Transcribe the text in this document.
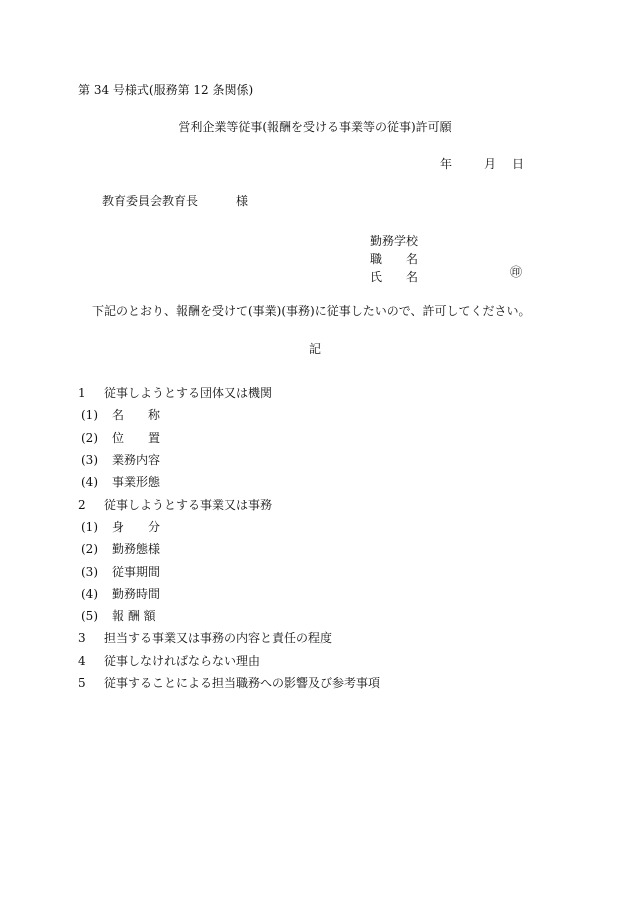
第 34 号様式(服務第 12 条関係)
営利企業等従事(報酬を受ける事業等の従事)許可願
年	月 日
教育委員会教育長	様
勤務学校
職　　名
氏　　名	㊞
下記のとおり、報酬を受けて(事業)(事務)に従事したいので、許可してください。
記
1	従事しようとする団体又は機関
(1)	名　　称
(2)	位　　置
(3)	業務内容
(4)	事業形態
2	従事しようとする事業又は事務
(1)	身　　分
(2)	勤務態様
(3)	従事期間
(4)	勤務時間
(5)	報 酬 額
3	担当する事業又は事務の内容と責任の程度
4	従事しなければならない理由
5	従事することによる担当職務への影響及び参考事項
